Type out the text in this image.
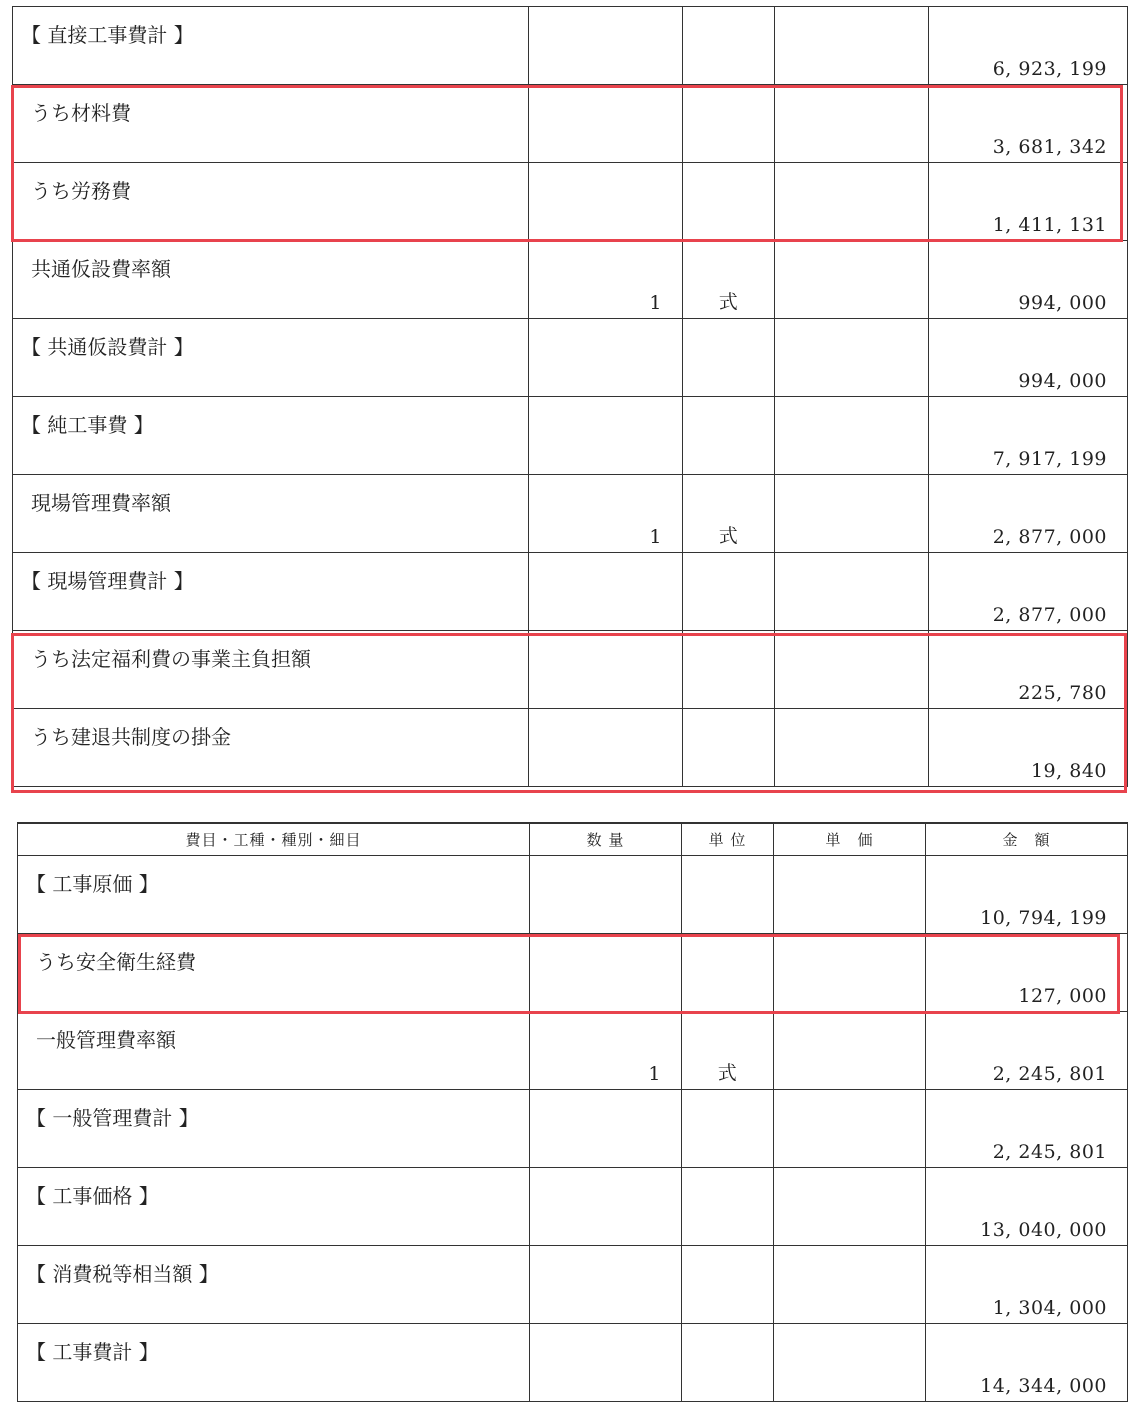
【 直接工事費計 】				6, 923, 199

うち材料費				3, 681, 342

うち労務費				1, 411, 131

共通仮設費率額	1	式		994, 000

【 共通仮設費計 】				994, 000

【 純工事費 】				7, 917, 199

現場管理費率額	1	式		2, 877, 000

【 現場管理費計 】				2, 877, 000

うち法定福利費の事業主負担額				225, 780

うち建退共制度の掛金				19, 840
費目・工種・種別・細目	数 量	単 位	単　価	金　額

【 工事原価 】				10, 794, 199

うち安全衛生経費				127, 000

一般管理費率額	1	式		2, 245, 801

【 一般管理費計 】				2, 245, 801

【 工事価格 】				13, 040, 000

【 消費税等相当額 】				1, 304, 000

【 工事費計 】				14, 344, 000
